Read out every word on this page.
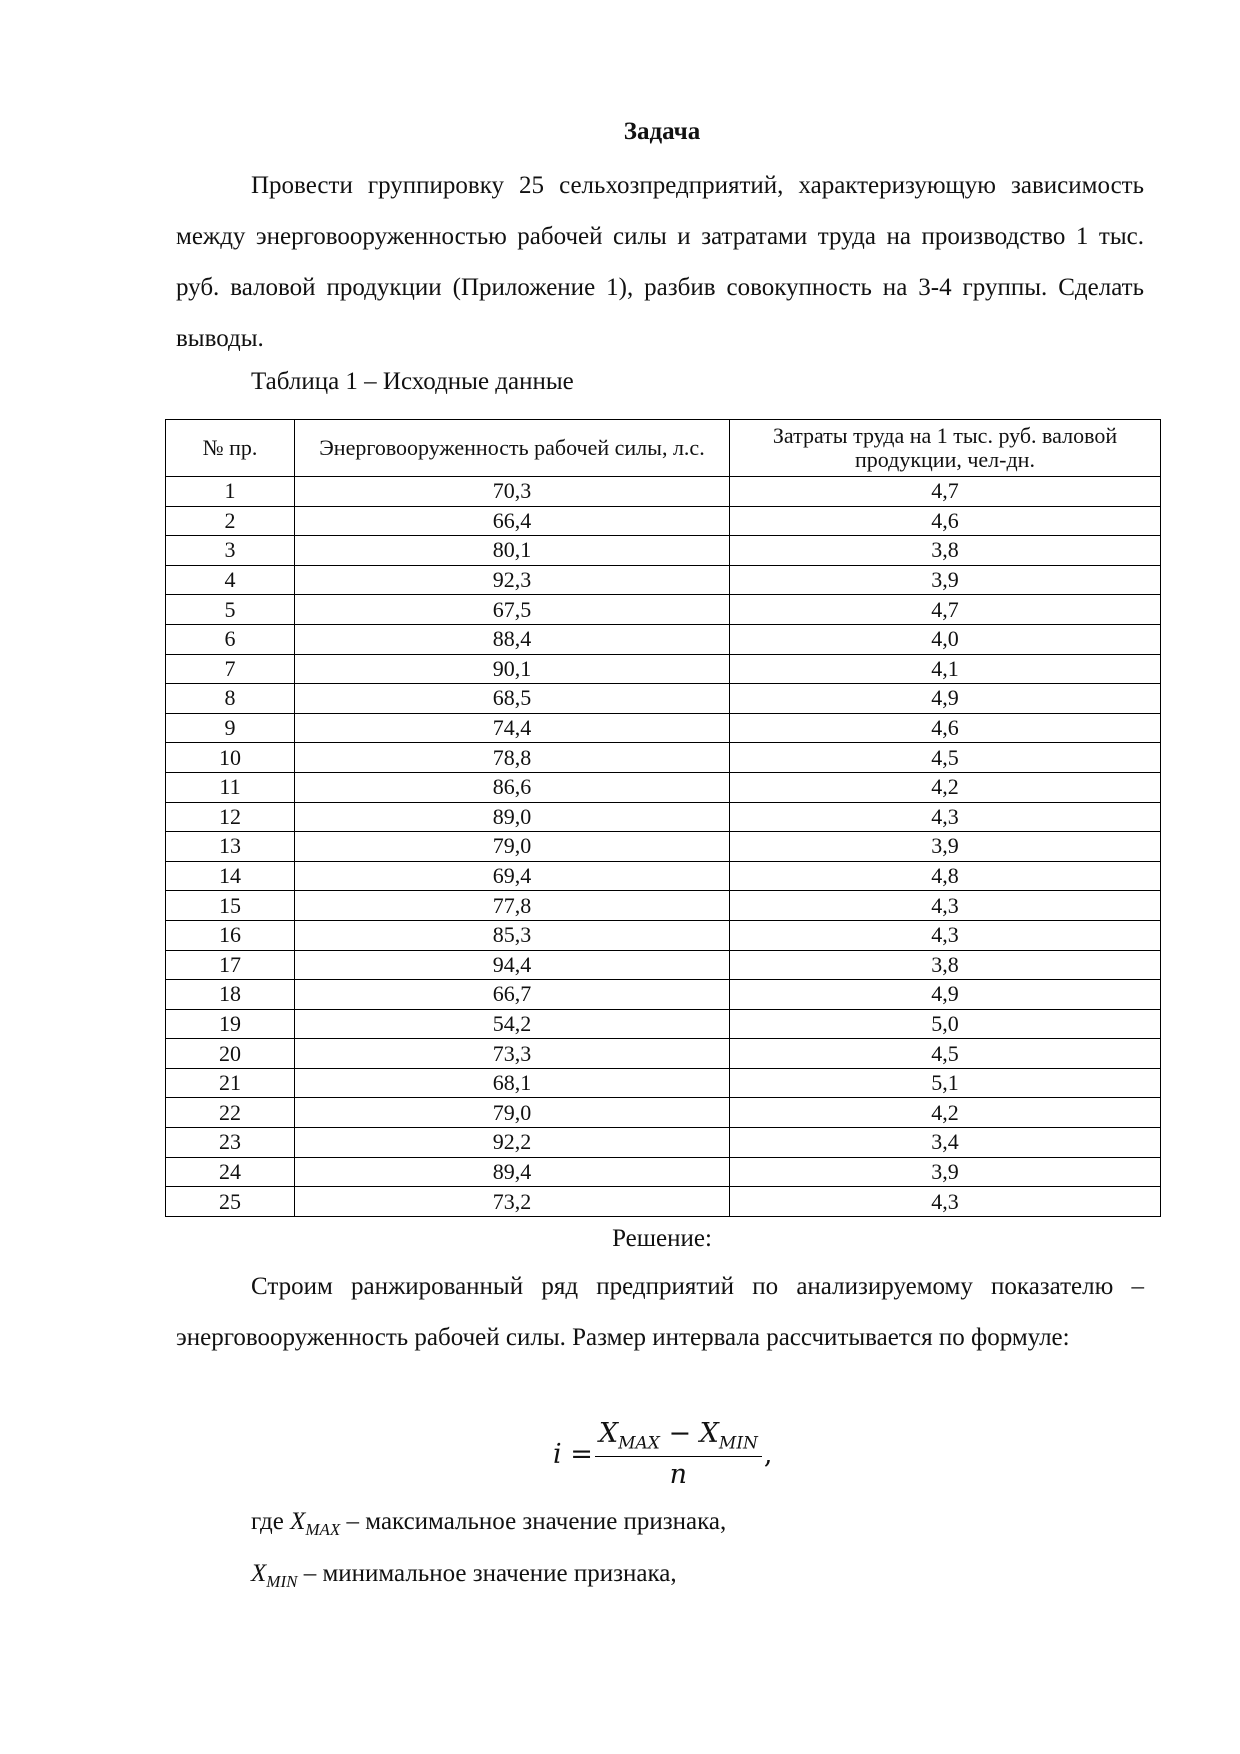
Задача
Провести группировку 25 сельхозпредприятий, характеризующую зависимость между энерговооруженностью рабочей силы и затратами труда на производство 1 тыс. руб. валовой продукции (Приложение 1), разбив совокупность на 3-4 группы. Сделать выводы.
Таблица 1 – Исходные данные
№ пр.	Энерговооруженность рабочей силы, л.с.	Затраты труда на 1 тыс. руб. валовой продукции, чел-дн.
1	70,3	4,7
2	66,4	4,6
3	80,1	3,8
4	92,3	3,9
5	67,5	4,7
6	88,4	4,0
7	90,1	4,1
8	68,5	4,9
9	74,4	4,6
10	78,8	4,5
11	86,6	4,2
12	89,0	4,3
13	79,0	3,9
14	69,4	4,8
15	77,8	4,3
16	85,3	4,3
17	94,4	3,8
18	66,7	4,9
19	54,2	5,0
20	73,3	4,5
21	68,1	5,1
22	79,0	4,2
23	92,2	3,4
24	89,4	3,9
25	73,2	4,3
Решение:
Строим ранжированный ряд предприятий по анализируемому показателю – энерговооруженность рабочей силы. Размер интервала рассчитывается по формуле:
$i = \frac{X_{MAX} - X_{MIN}}{n}$ ,
где $X_{MAX}$ – максимальное значение признака,
$X_{MIN}$ – минимальное значение признака,
